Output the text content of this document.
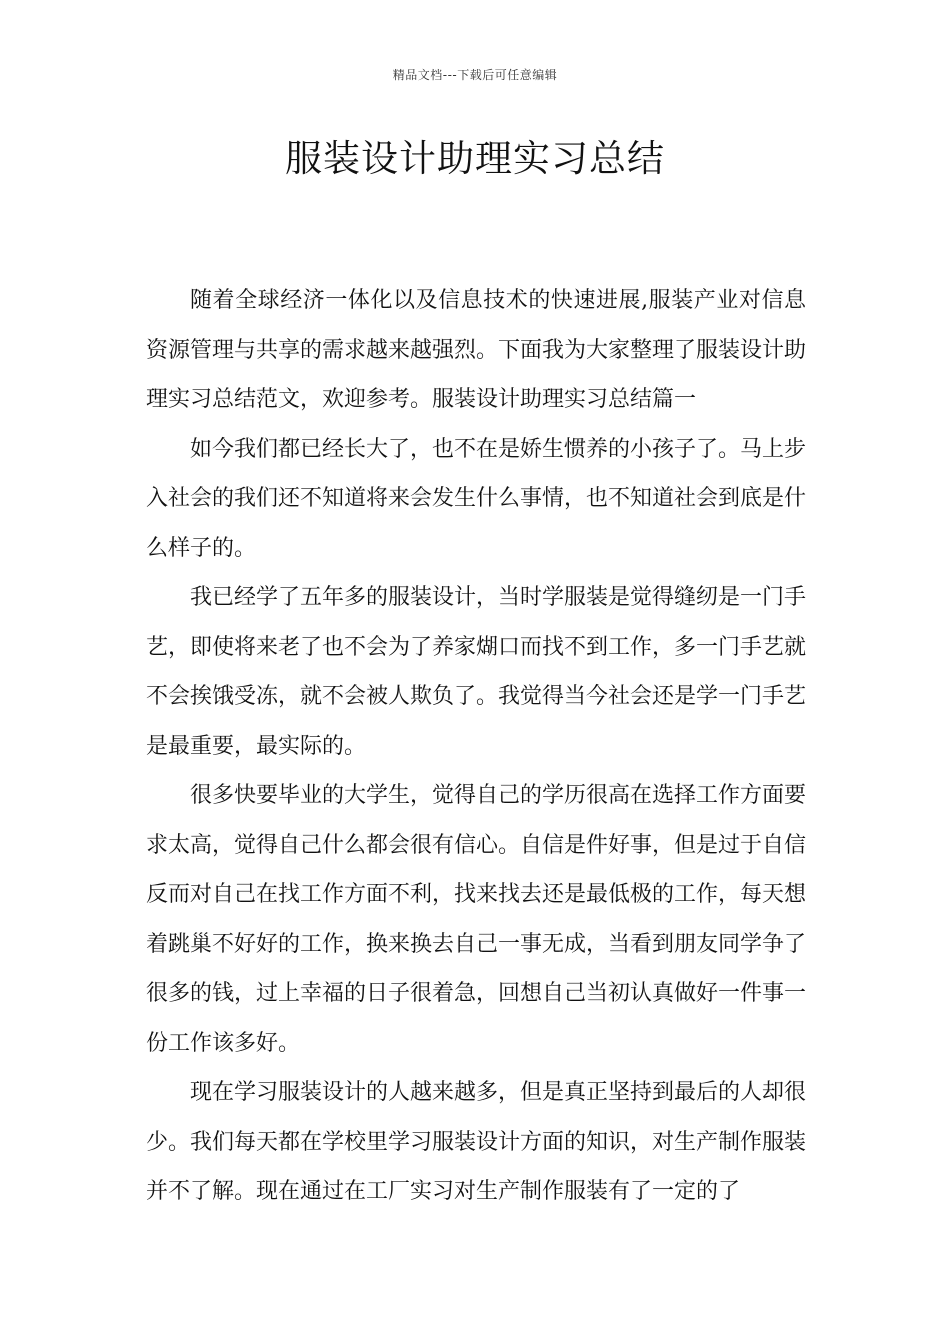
精品文档---下载后可任意编辑
服装设计助理实习总结

随着全球经济一体化以及信息技术的快速进展,服装产业对信息资源管理与共享的需求越来越强烈。下面我为大家整理了服装设计助理实习总结范文，欢迎参考。服装设计助理实习总结篇一

如今我们都已经长大了，也不在是娇生惯养的小孩子了。马上步入社会的我们还不知道将来会发生什么事情，也不知道社会到底是什么样子的。

我已经学了五年多的服装设计，当时学服装是觉得缝纫是一门手艺，即使将来老了也不会为了养家煳口而找不到工作，多一门手艺就不会挨饿受冻，就不会被人欺负了。我觉得当今社会还是学一门手艺是最重要，最实际的。

很多快要毕业的大学生，觉得自己的学历很高在选择工作方面要求太高，觉得自己什么都会很有信心。自信是件好事，但是过于自信反而对自己在找工作方面不利，找来找去还是最低极的工作，每天想着跳巢不好好的工作，换来换去自己一事无成，当看到朋友同学争了很多的钱，过上幸福的日子很着急，回想自己当初认真做好一件事一份工作该多好。

现在学习服装设计的人越来越多，但是真正坚持到最后的人却很少。我们每天都在学校里学习服装设计方面的知识，对生产制作服装并不了解。现在通过在工厂实习对生产制作服装有了一定的了
